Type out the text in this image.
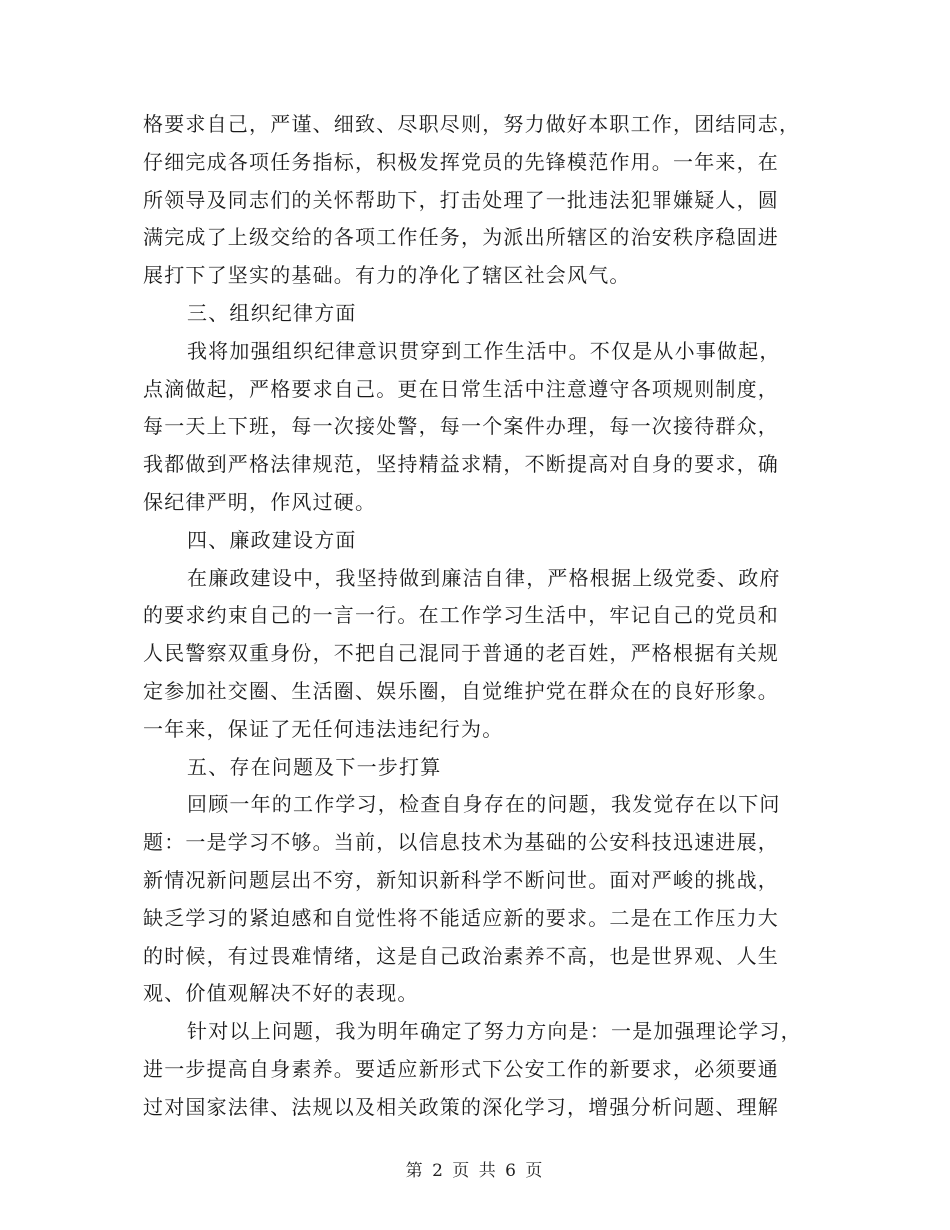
格要求自己，严谨、细致、尽职尽则，努力做好本职工作，团结同志，
仔细完成各项任务指标，积极发挥党员的先锋模范作用。一年来，在
所领导及同志们的关怀帮助下，打击处理了一批违法犯罪嫌疑人，圆
满完成了上级交给的各项工作任务，为派出所辖区的治安秩序稳固进
展打下了坚实的基础。有力的净化了辖区社会风气。
三、组织纪律方面
我将加强组织纪律意识贯穿到工作生活中。不仅是从小事做起，
点滴做起，严格要求自己。更在日常生活中注意遵守各项规则制度，
每一天上下班，每一次接处警，每一个案件办理，每一次接待群众，
我都做到严格法律规范，坚持精益求精，不断提高对自身的要求，确
保纪律严明，作风过硬。
四、廉政建设方面
在廉政建设中，我坚持做到廉洁自律，严格根据上级党委、政府
的要求约束自己的一言一行。在工作学习生活中，牢记自己的党员和
人民警察双重身份，不把自己混同于普通的老百姓，严格根据有关规
定参加社交圈、生活圈、娱乐圈，自觉维护党在群众在的良好形象。
一年来，保证了无任何违法违纪行为。
五、存在问题及下一步打算
回顾一年的工作学习，检查自身存在的问题，我发觉存在以下问
题：一是学习不够。当前，以信息技术为基础的公安科技迅速进展，
新情况新问题层出不穷，新知识新科学不断问世。面对严峻的挑战，
缺乏学习的紧迫感和自觉性将不能适应新的要求。二是在工作压力大
的时候，有过畏难情绪，这是自己政治素养不高，也是世界观、人生
观、价值观解决不好的表现。
针对以上问题，我为明年确定了努力方向是：一是加强理论学习，
进一步提高自身素养。要适应新形式下公安工作的新要求，必须要通
过对国家法律、法规以及相关政策的深化学习，增强分析问题、理解
第 2 页 共 6 页
